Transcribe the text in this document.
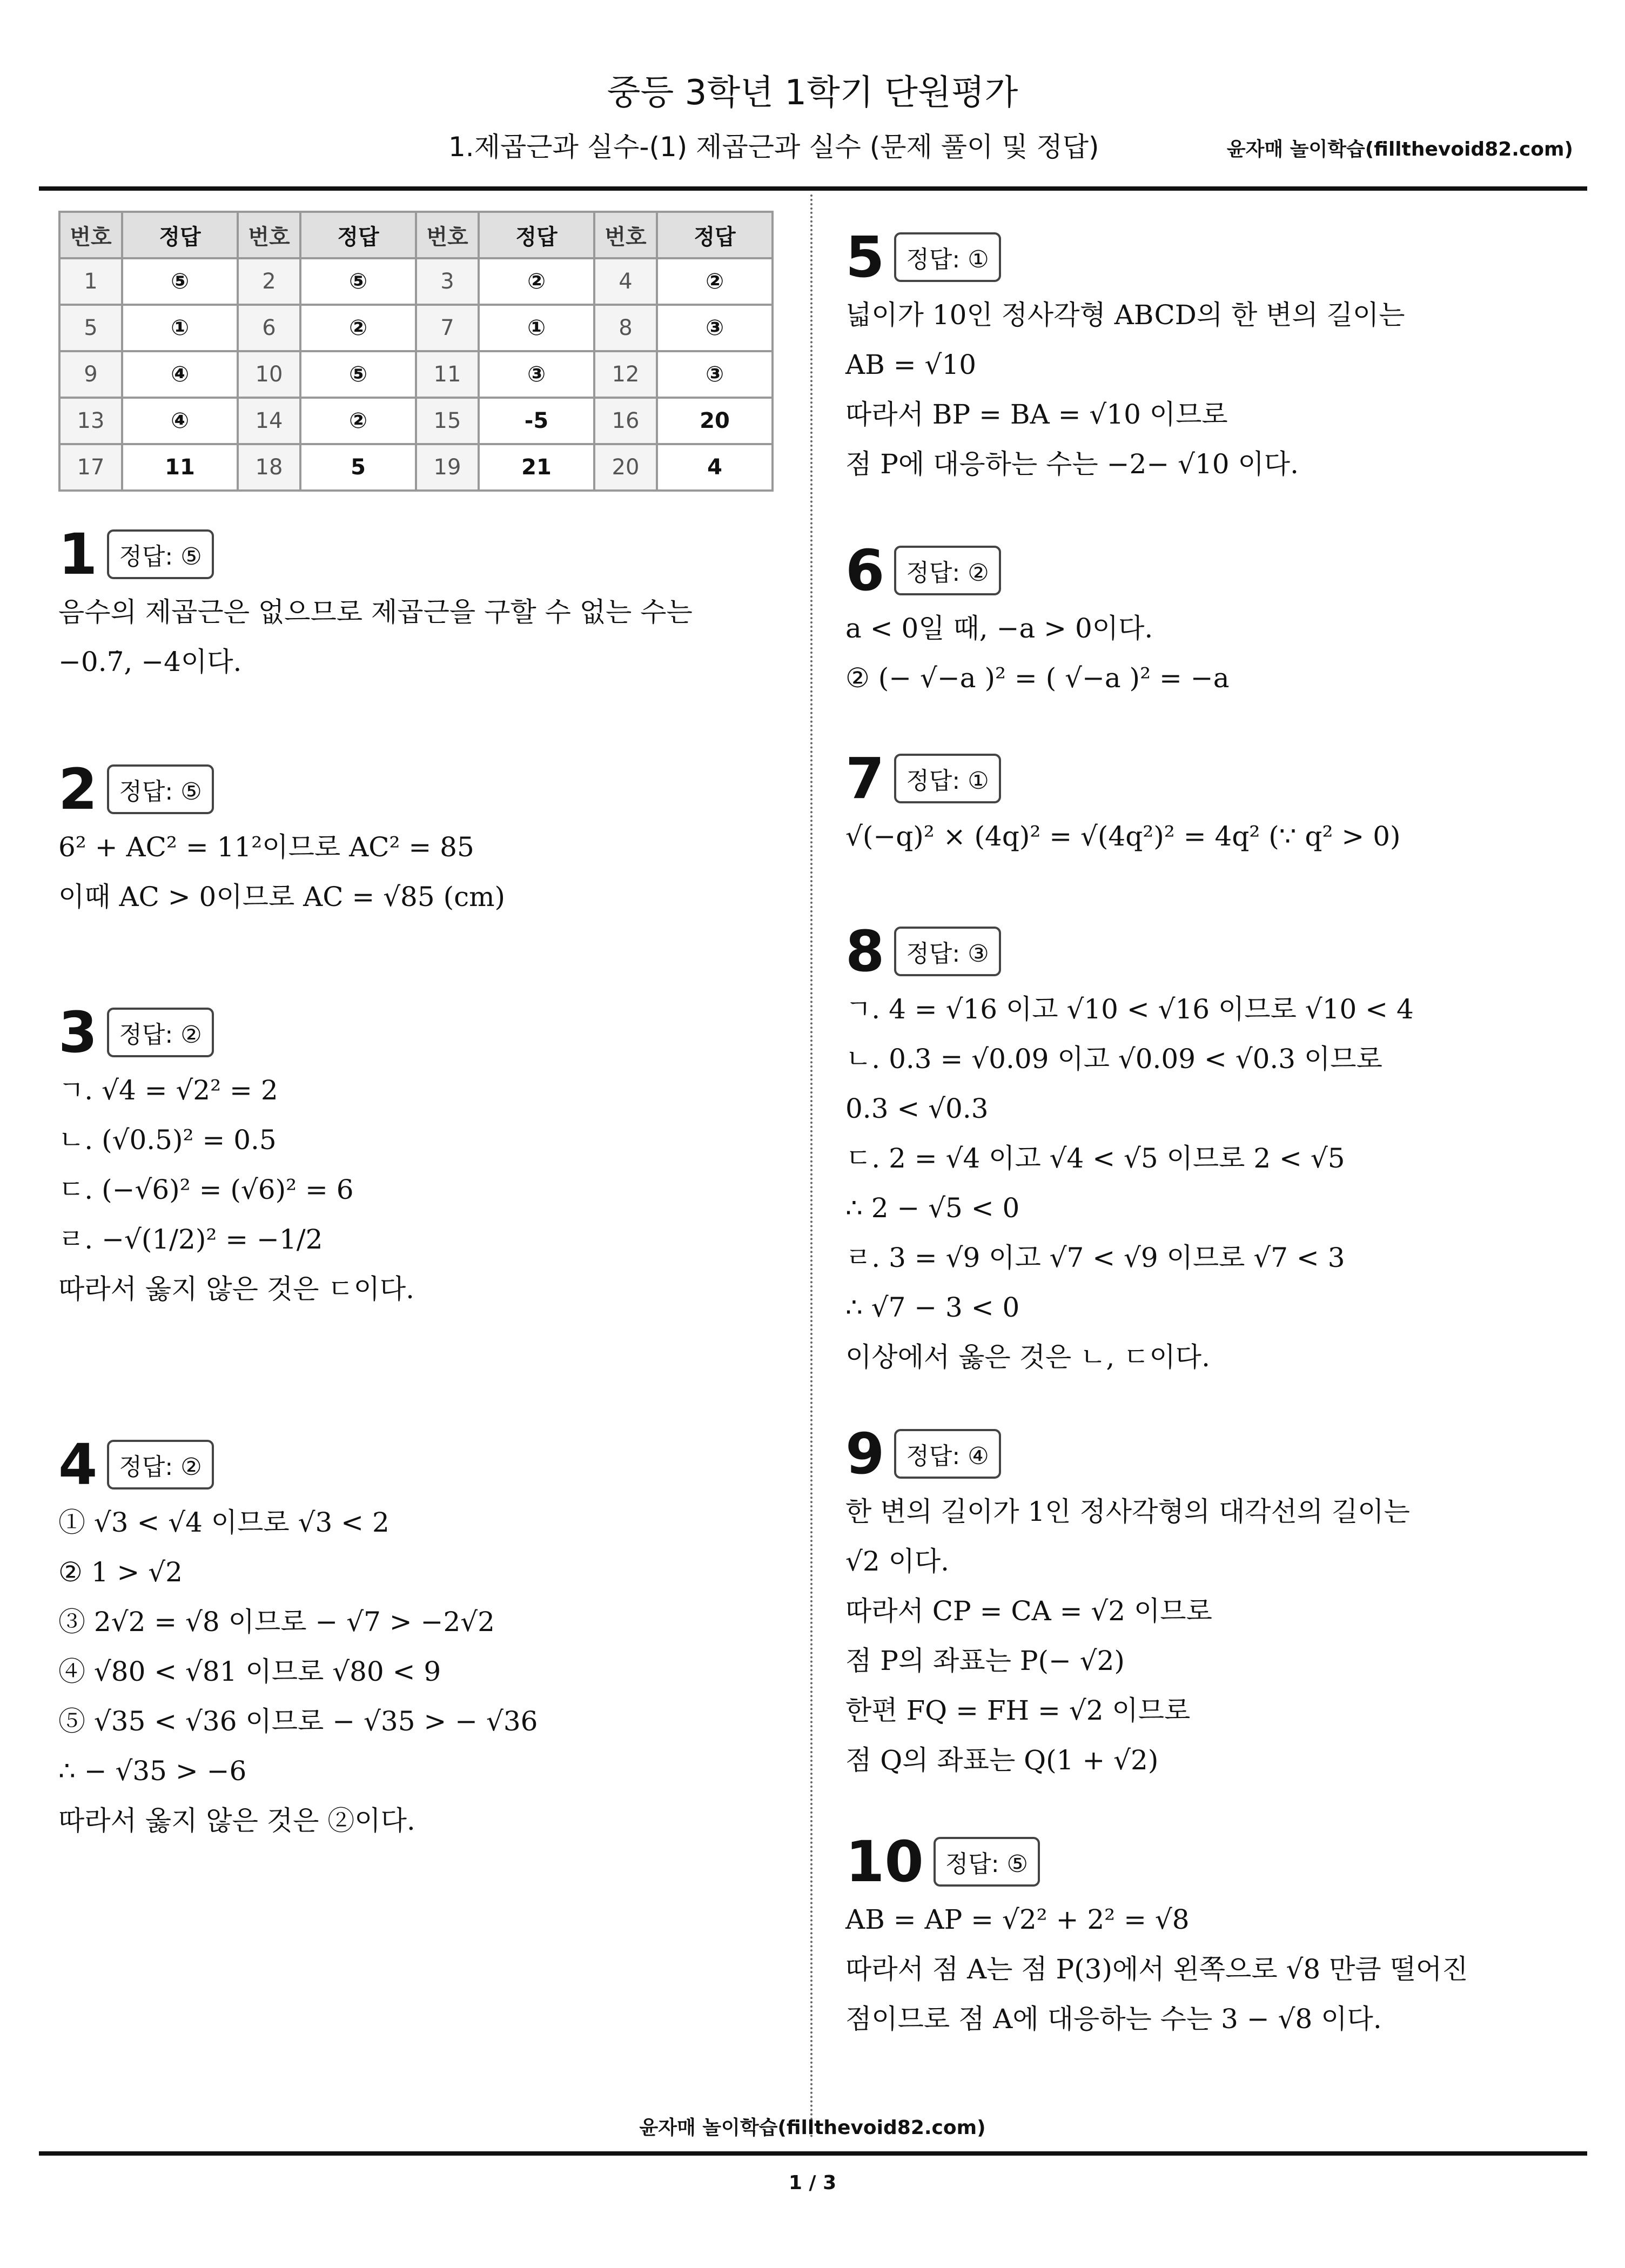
중등 3학년 1학기 단원평가
1.제곱근과 실수-(1) 제곱근과 실수 (문제 풀이 및 정답)	윤자매 놀이학습(fillthevoid82.com)
번호	정답	번호	정답	번호	정답	번호	정답
1	⑤	2	⑤	3	②	4	②
5	①	6	②	7	①	8	③
9	④	10	⑤	11	③	12	③
13	④	14	②	15	-5	16	20
17	11	18	5	19	21	20	4
1 정답: ⑤
음수의 제곱근은 없으므로 제곱근을 구할 수 없는 수는
−0.7̇, −4이다.
2 정답: ⑤
6² + AC² = 11²이므로 AC² = 85
이때 AC > 0이므로 AC = √85 (cm)
3 정답: ②
ㄱ. √4 = √2² = 2
ㄴ. (√0.5)² = 0.5
ㄷ. (−√6)² = (√6)² = 6
ㄹ. −√(1/2)² = −1/2
따라서 옳지 않은 것은 ㄷ이다.
4 정답: ②
① √3 < √4 이므로 √3 < 2
② 1 > √2
③ 2√2 = √8 이므로 − √7 > −2√2
④ √80 < √81 이므로 √80 < 9
⑤ √35 < √36 이므로 − √35 > − √36
∴ − √35 > −6
따라서 옳지 않은 것은 ②이다.
5 정답: ①
넓이가 10인 정사각형 ABCD의 한 변의 길이는
AB = √10
따라서 BP = BA = √10 이므로
점 P에 대응하는 수는 −2− √10 이다.
6 정답: ②
a < 0일 때, −a > 0이다.
② (− √−a )² = ( √−a )² = −a
7 정답: ①
√(−q)² × (4q)² = √(4q²)² = 4q² (∵ q² > 0)
8 정답: ③
ㄱ. 4 = √16 이고 √10 < √16 이므로 √10 < 4
ㄴ. 0.3 = √0.09 이고 √0.09 < √0.3 이므로
0.3 < √0.3
ㄷ. 2 = √4 이고 √4 < √5 이므로 2 < √5
∴ 2 − √5 < 0
ㄹ. 3 = √9 이고 √7 < √9 이므로 √7 < 3
∴ √7 − 3 < 0
이상에서 옳은 것은 ㄴ, ㄷ이다.
9 정답: ④
한 변의 길이가 1인 정사각형의 대각선의 길이는
√2 이다.
따라서 CP = CA = √2 이므로
점 P의 좌표는 P(− √2)
한편 FQ = FH = √2 이므로
점 Q의 좌표는 Q(1 + √2)
10 정답: ⑤
AB = AP = √2² + 2² = √8
따라서 점 A는 점 P(3)에서 왼쪽으로 √8 만큼 떨어진
점이므로 점 A에 대응하는 수는 3 − √8 이다.
윤자매 놀이학습(fillthevoid82.com)
1 / 3
